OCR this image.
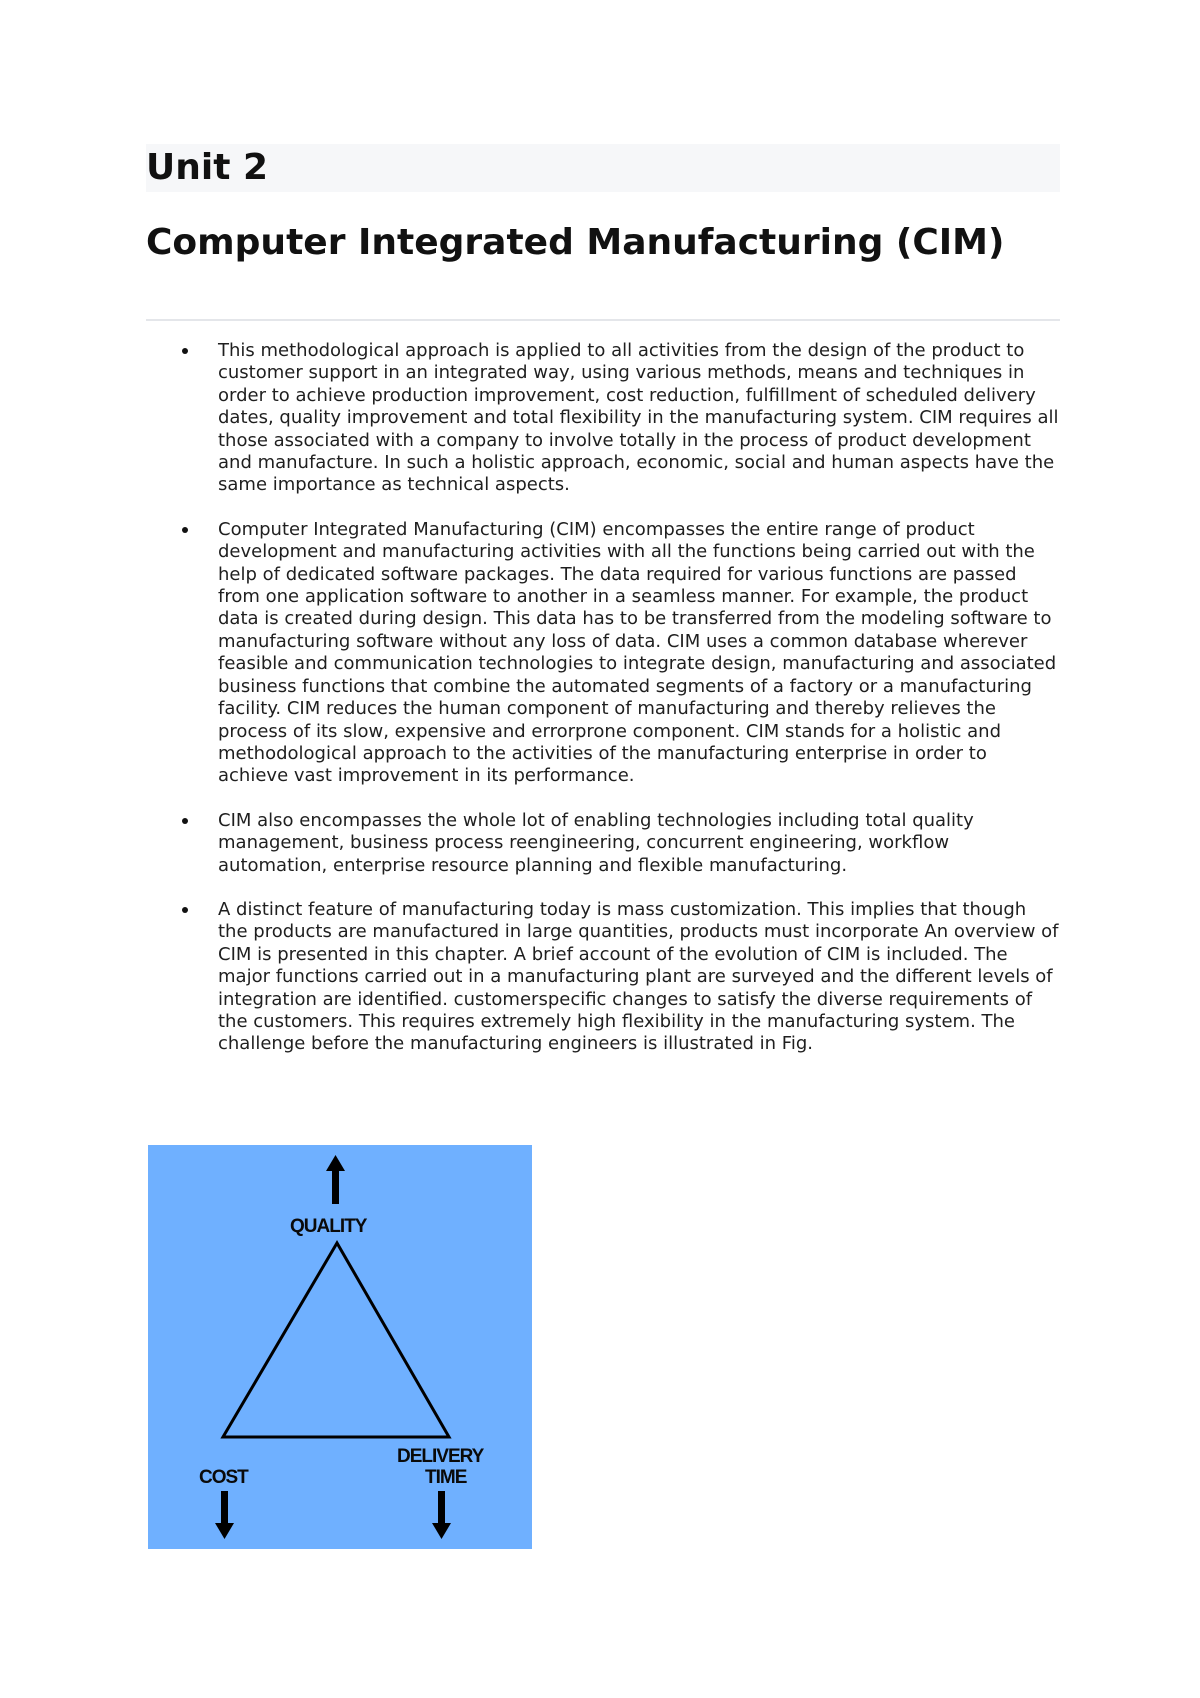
Unit 2
Computer Integrated Manufacturing (CIM)
This methodological approach is applied to all activities from the design of the product to customer support in an integrated way, using various methods, means and techniques in order to achieve production improvement, cost reduction, fulfillment of scheduled delivery dates, quality improvement and total flexibility in the manufacturing system. CIM requires all those associated with a company to involve totally in the process of product development and manufacture. In such a holistic approach, economic, social and human aspects have the same importance as technical aspects.
Computer Integrated Manufacturing (CIM) encompasses the entire range of product development and manufacturing activities with all the functions being carried out with the help of dedicated software packages. The data required for various functions are passed from one application software to another in a seamless manner. For example, the product data is created during design. This data has to be transferred from the modeling software to manufacturing software without any loss of data. CIM uses a common database wherever feasible and communication technologies to integrate design, manufacturing and associated business functions that combine the automated segments of a factory or a manufacturing facility. CIM reduces the human component of manufacturing and thereby relieves the process of its slow, expensive and errorprone component. CIM stands for a holistic and methodological approach to the activities of the manufacturing enterprise in order to achieve vast improvement in its performance.
CIM also encompasses the whole lot of enabling technologies including total quality management, business process reengineering, concurrent engineering, workflow automation, enterprise resource planning and flexible manufacturing.
A distinct feature of manufacturing today is mass customization. This implies that though the products are manufactured in large quantities, products must incorporate An overview of CIM is presented in this chapter. A brief account of the evolution of CIM is included. The major functions carried out in a manufacturing plant are surveyed and the different levels of integration are identified. customerspecific changes to satisfy the diverse requirements of the customers. This requires extremely high flexibility in the manufacturing system. The challenge before the manufacturing engineers is illustrated in Fig.
QUALITY
COST
DELIVERY
TIME
